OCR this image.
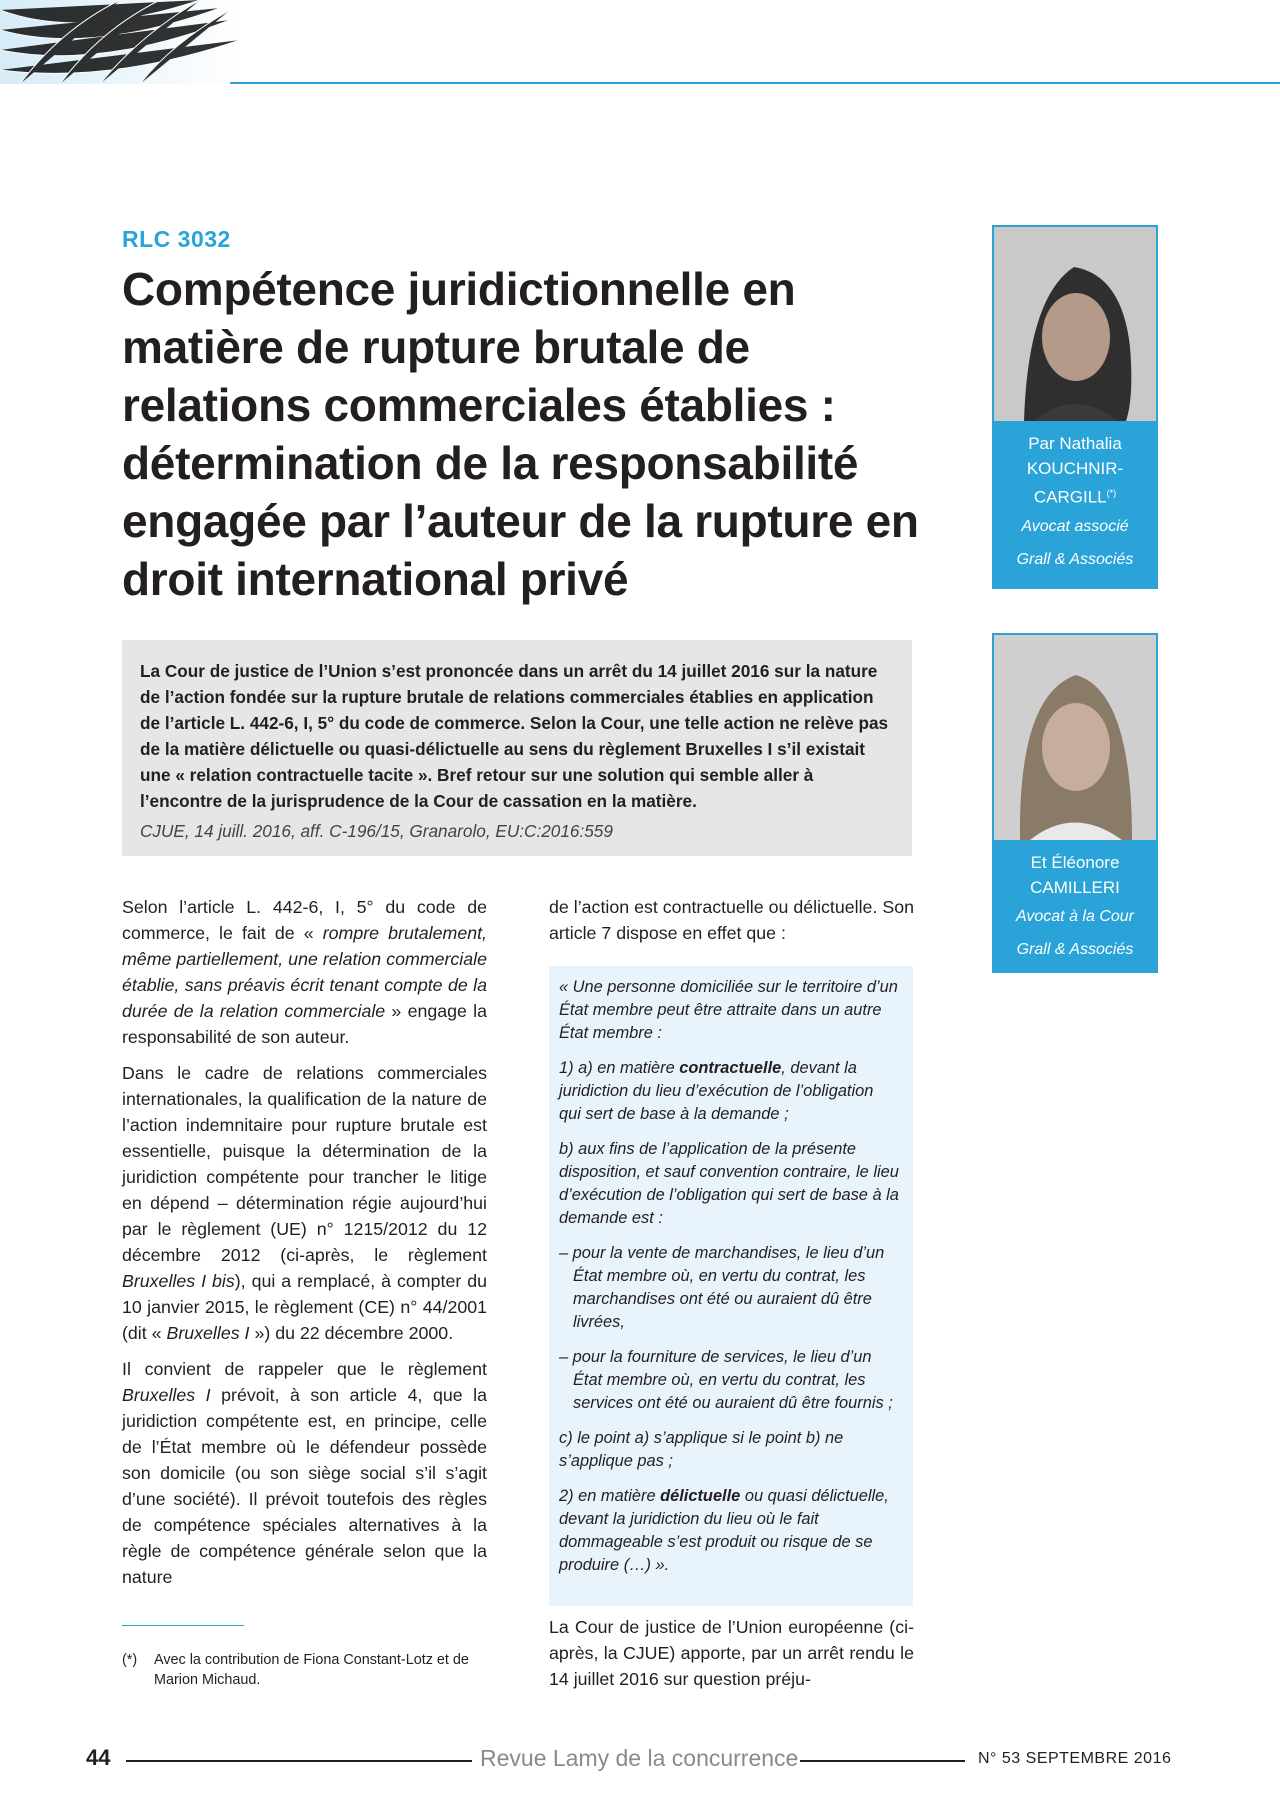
RLC 3032
Compétence juridictionnelle en matière de rupture brutale de relations commerciales établies : détermination de la responsabilité engagée par l’auteur de la rupture en droit international privé

La Cour de justice de l’Union s’est prononcée dans un arrêt du 14 juillet 2016 sur la nature de l’action fondée sur la rupture brutale de relations commerciales établies en application de l’article L. 442-6, I, 5° du code de commerce. Selon la Cour, une telle action ne relève pas de la matière délictuelle ou quasi-délictuelle au sens du règlement Bruxelles I s’il existait une « relation contractuelle tacite ». Bref retour sur une solution qui semble aller à l’encontre de la jurisprudence de la Cour de cassation en la matière.

CJUE, 14 juill. 2016, aff. C-196/15, Granarolo, EU:C:2016:559

Selon l’article L. 442-6, I, 5° du code de commerce, le fait de « rompre brutalement, même partiellement, une relation commerciale établie, sans préavis écrit tenant compte de la durée de la relation commerciale » engage la responsabilité de son auteur.

Dans le cadre de relations commerciales internationales, la qualification de la nature de l’action indemnitaire pour rupture brutale est essentielle, puisque la détermination de la juridiction compétente pour trancher le litige en dépend – détermination régie aujourd’hui par le règlement (UE) n° 1215/2012 du 12 décembre 2012 (ci-après, le règlement Bruxelles I bis), qui a remplacé, à compter du 10 janvier 2015, le règlement (CE) n° 44/2001 (dit « Bruxelles I ») du 22 décembre 2000.

Il convient de rappeler que le règlement Bruxelles I prévoit, à son article 4, que la juridiction compétente est, en principe, celle de l’État membre où le défendeur possède son domicile (ou son siège social s’il s’agit d’une société). Il prévoit toutefois des règles de compétence spéciales alternatives à la règle de compétence générale selon que la nature

de l’action est contractuelle ou délictuelle. Son article 7 dispose en effet que :

« Une personne domiciliée sur le territoire d’un État membre peut être attraite dans un autre État membre :

1) a) en matière contractuelle, devant la juridiction du lieu d’exécution de l’obligation qui sert de base à la demande ;

b) aux fins de l’application de la présente disposition, et sauf convention contraire, le lieu d’exécution de l’obligation qui sert de base à la demande est :

– pour la vente de marchandises, le lieu d’un État membre où, en vertu du contrat, les marchandises ont été ou auraient dû être livrées,

– pour la fourniture de services, le lieu d’un État membre où, en vertu du contrat, les services ont été ou auraient dû être fournis ;

c) le point a) s’applique si le point b) ne s’applique pas ;

2) en matière délictuelle ou quasi délictuelle, devant la juridiction du lieu où le fait dommageable s’est produit ou risque de se produire (…) ».

La Cour de justice de l’Union européenne (ci-après, la CJUE) apporte, par un arrêt rendu le 14 juillet 2016 sur question préju-

(*)	Avec la contribution de Fiona Constant-Lotz et de Marion Michaud.
Par Nathalia
KOUCHNIR-
CARGILL(*)
Avocat associé
Grall & Associés
Et Éléonore
CAMILLERI
Avocat à la Cour
Grall & Associés
44	Revue Lamy de la concurrence	N° 53 SEPTEMBRE 2016
